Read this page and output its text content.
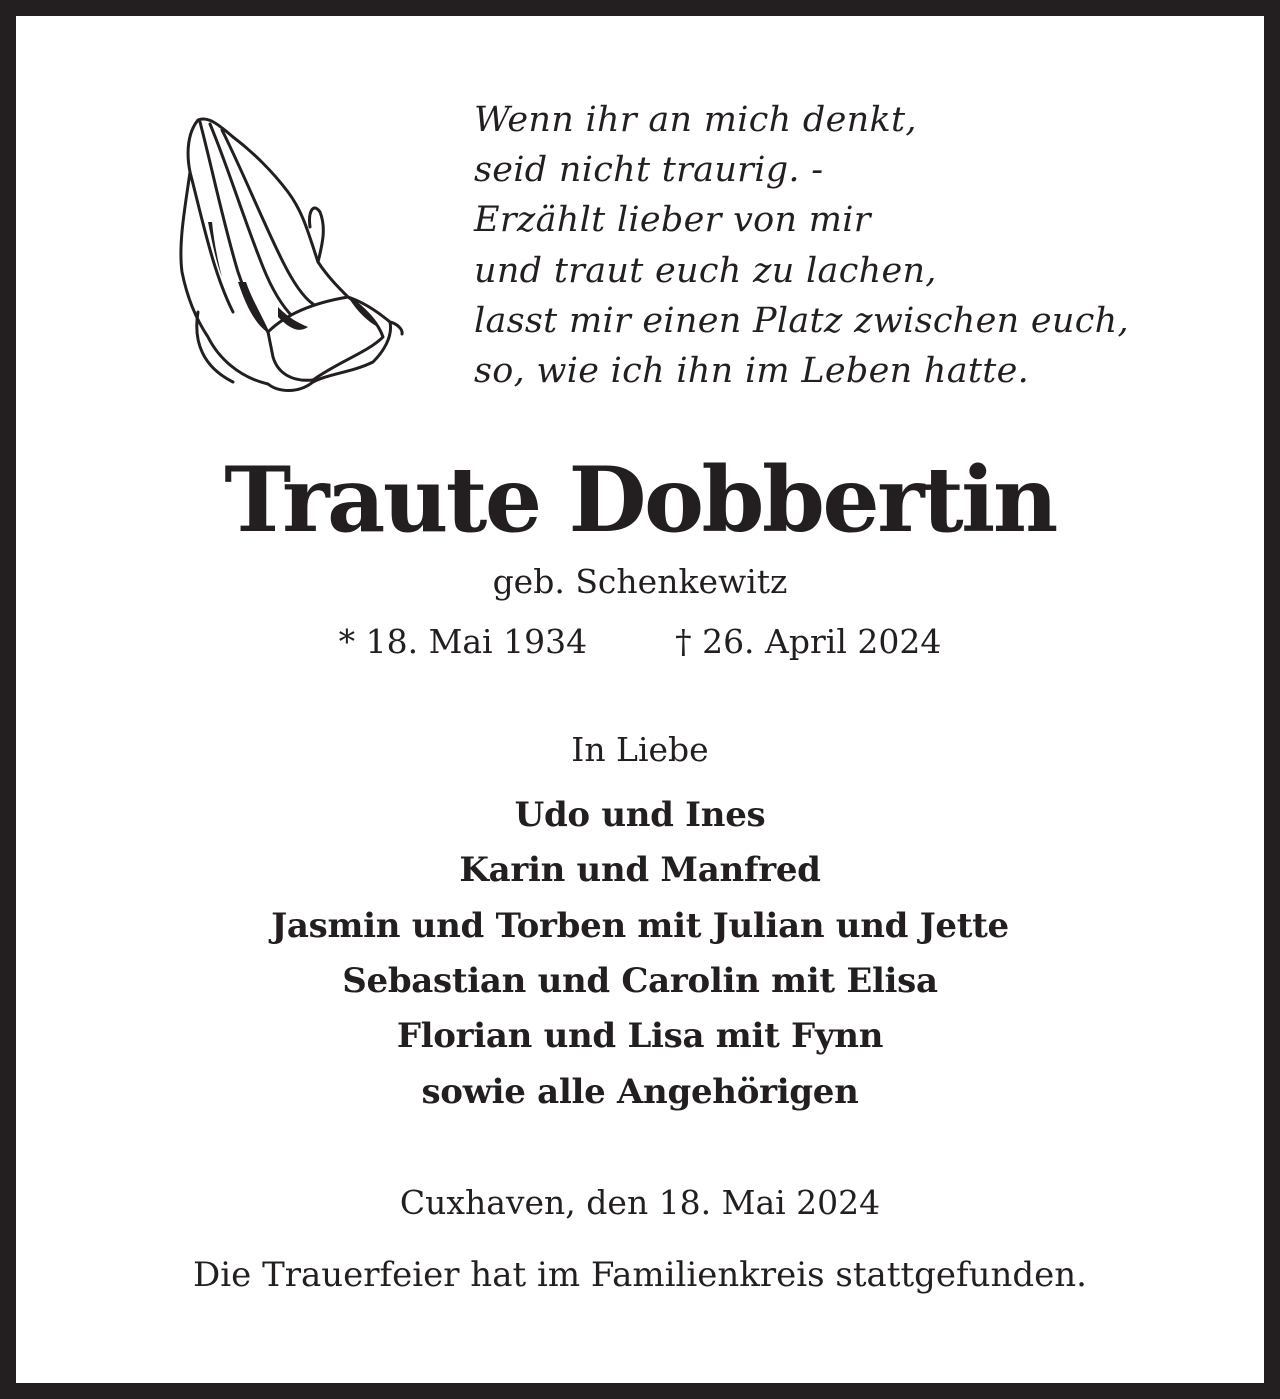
Wenn ihr an mich denkt,
seid nicht traurig. -
Erzählt lieber von mir
und traut euch zu lachen,
lasst mir einen Platz zwischen euch,
so, wie ich ihn im Leben hatte.
Traute Dobbertin
geb. Schenkewitz
* 18. Mai 1934	† 26. April 2024
In Liebe
Udo und Ines
Karin und Manfred
Jasmin und Torben mit Julian und Jette
Sebastian und Carolin mit Elisa
Florian und Lisa mit Fynn
sowie alle Angehörigen
Cuxhaven, den 18. Mai 2024
Die Trauerfeier hat im Familienkreis stattgefunden.
